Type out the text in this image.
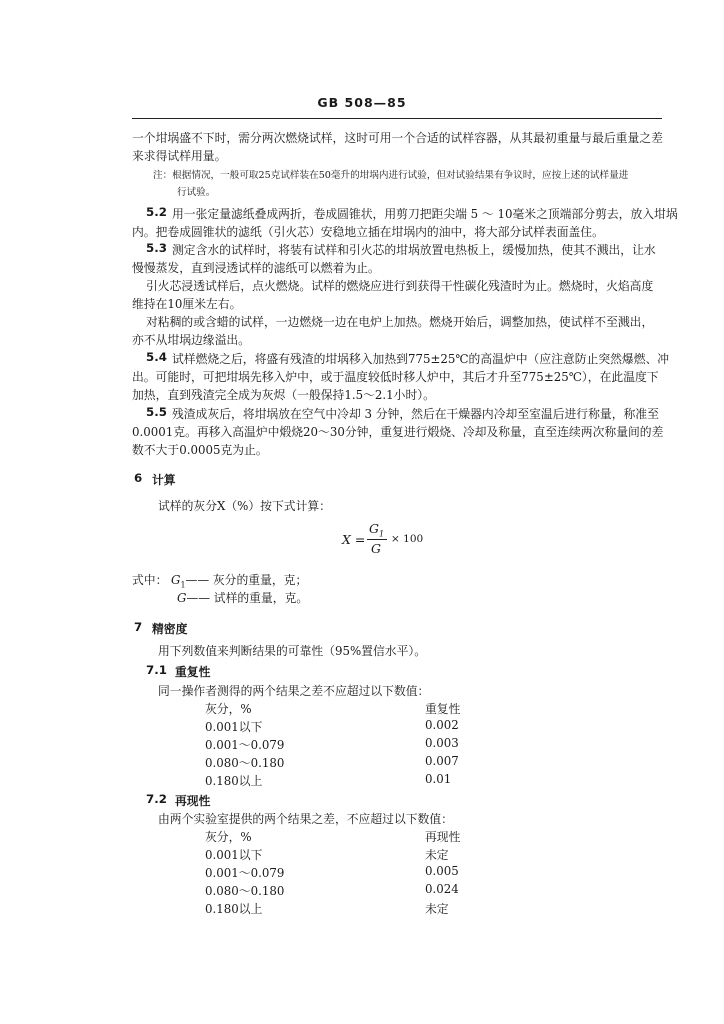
GB 508—85
一个坩埚盛不下时，需分两次燃烧试样，这时可用一个合适的试样容器，从其最初重量与最后重量之差
来求得试样用量。
注：根据情况，一般可取25克试样装在50毫升的坩埚内进行试验，但对试验结果有争议时，应按上述的试样量进
行试验。
5.2 用一张定量滤纸叠成两折，卷成圆锥状，用剪刀把距尖端 5 ～ 10毫米之顶端部分剪去，放入坩埚
内。把卷成圆锥状的滤纸（引火芯）安稳地立插在坩埚内的油中，将大部分试样表面盖住。
5.3 测定含水的试样时，将装有试样和引火芯的坩埚放置电热板上，缓慢加热，使其不溅出，让水
慢慢蒸发，直到浸透试样的滤纸可以燃着为止。
引火芯浸透试样后，点火燃烧。试样的燃烧应进行到获得干性碳化残渣时为止。燃烧时，火焰高度
维持在10厘米左右。
对粘稠的或含蜡的试样，一边燃烧一边在电炉上加热。燃烧开始后，调整加热，使试样不至溅出，
亦不从坩埚边缘溢出。
5.4 试样燃烧之后，将盛有残渣的坩埚移入加热到775±25℃的高温炉中（应注意防止突然爆燃、冲
出。可能时，可把坩埚先移入炉中，或于温度较低时移人炉中，其后才升至775±25℃），在此温度下
加热，直到残渣完全成为灰烬（一般保持1.5～2.1小时）。
5.5 残渣成灰后，将坩埚放在空气中冷却 3 分钟，然后在干燥器内冷却至室温后进行称量，称准至
0.0001克。再移入高温炉中煅烧20～30分钟，重复进行煅烧、冷却及称量，直至连续两次称量间的差
数不大于0.0005克为止。
6 计算
试样的灰分X（%）按下式计算：
X =
$G_1$
G
× 100
式中： $G_1——$ 灰分的重量，克；
G—— 试样的重量，克。
7 精密度
用下列数值来判断结果的可靠性（95%置信水平）。
7.1 重复性
同一操作者测得的两个结果之差不应超过以下数值：
灰分，%	重复性
0.001以下	0.002
0.001～0.079	0.003
0.080～0.180	0.007
0.180以上	0.01
7.2 再现性
由两个实验室提供的两个结果之差，不应超过以下数值：
灰分，%	再现性
0.001以下	未定
0.001～0.079	0.005
0.080～0.180	0.024
0.180以上	未定
